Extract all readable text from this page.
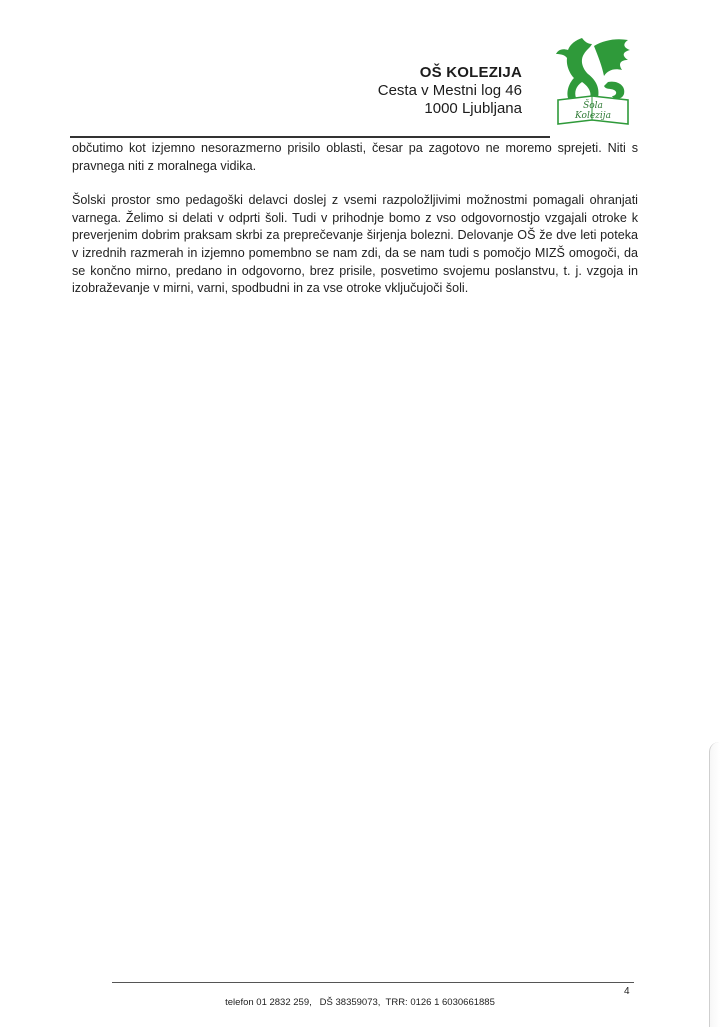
OŠ KOLEZIJA
Cesta v Mestni log 46
1000 Ljubljana	Šola
Kolezija

občutimo kot izjemno nesorazmerno prisilo oblasti, česar pa zagotovo ne moremo sprejeti. Niti s pravnega niti z moralnega vidika.

Šolski prostor smo pedagoški delavci doslej z vsemi razpoložljivimi možnostmi pomagali ohranjati varnega. Želimo si delati v odprti šoli. Tudi v prihodnje bomo z vso odgovornostjo vzgajali otroke k preverjenim dobrim praksam skrbi za preprečevanje širjenja bolezni. Delovanje OŠ že dve leti poteka v izrednih razmerah in izjemno pomembno se nam zdi, da se nam tudi s pomočjo MIZŠ omogoči, da se končno mirno, predano in odgovorno, brez prisile, posvetimo svojemu poslanstvu, t. j. vzgoja in izobraževanje v mirni, varni, spodbudni in za vse otroke vključujoči šoli.

4
telefon 01 2832 259,   DŠ 38359073,  TRR: 0126 1 6030661885
